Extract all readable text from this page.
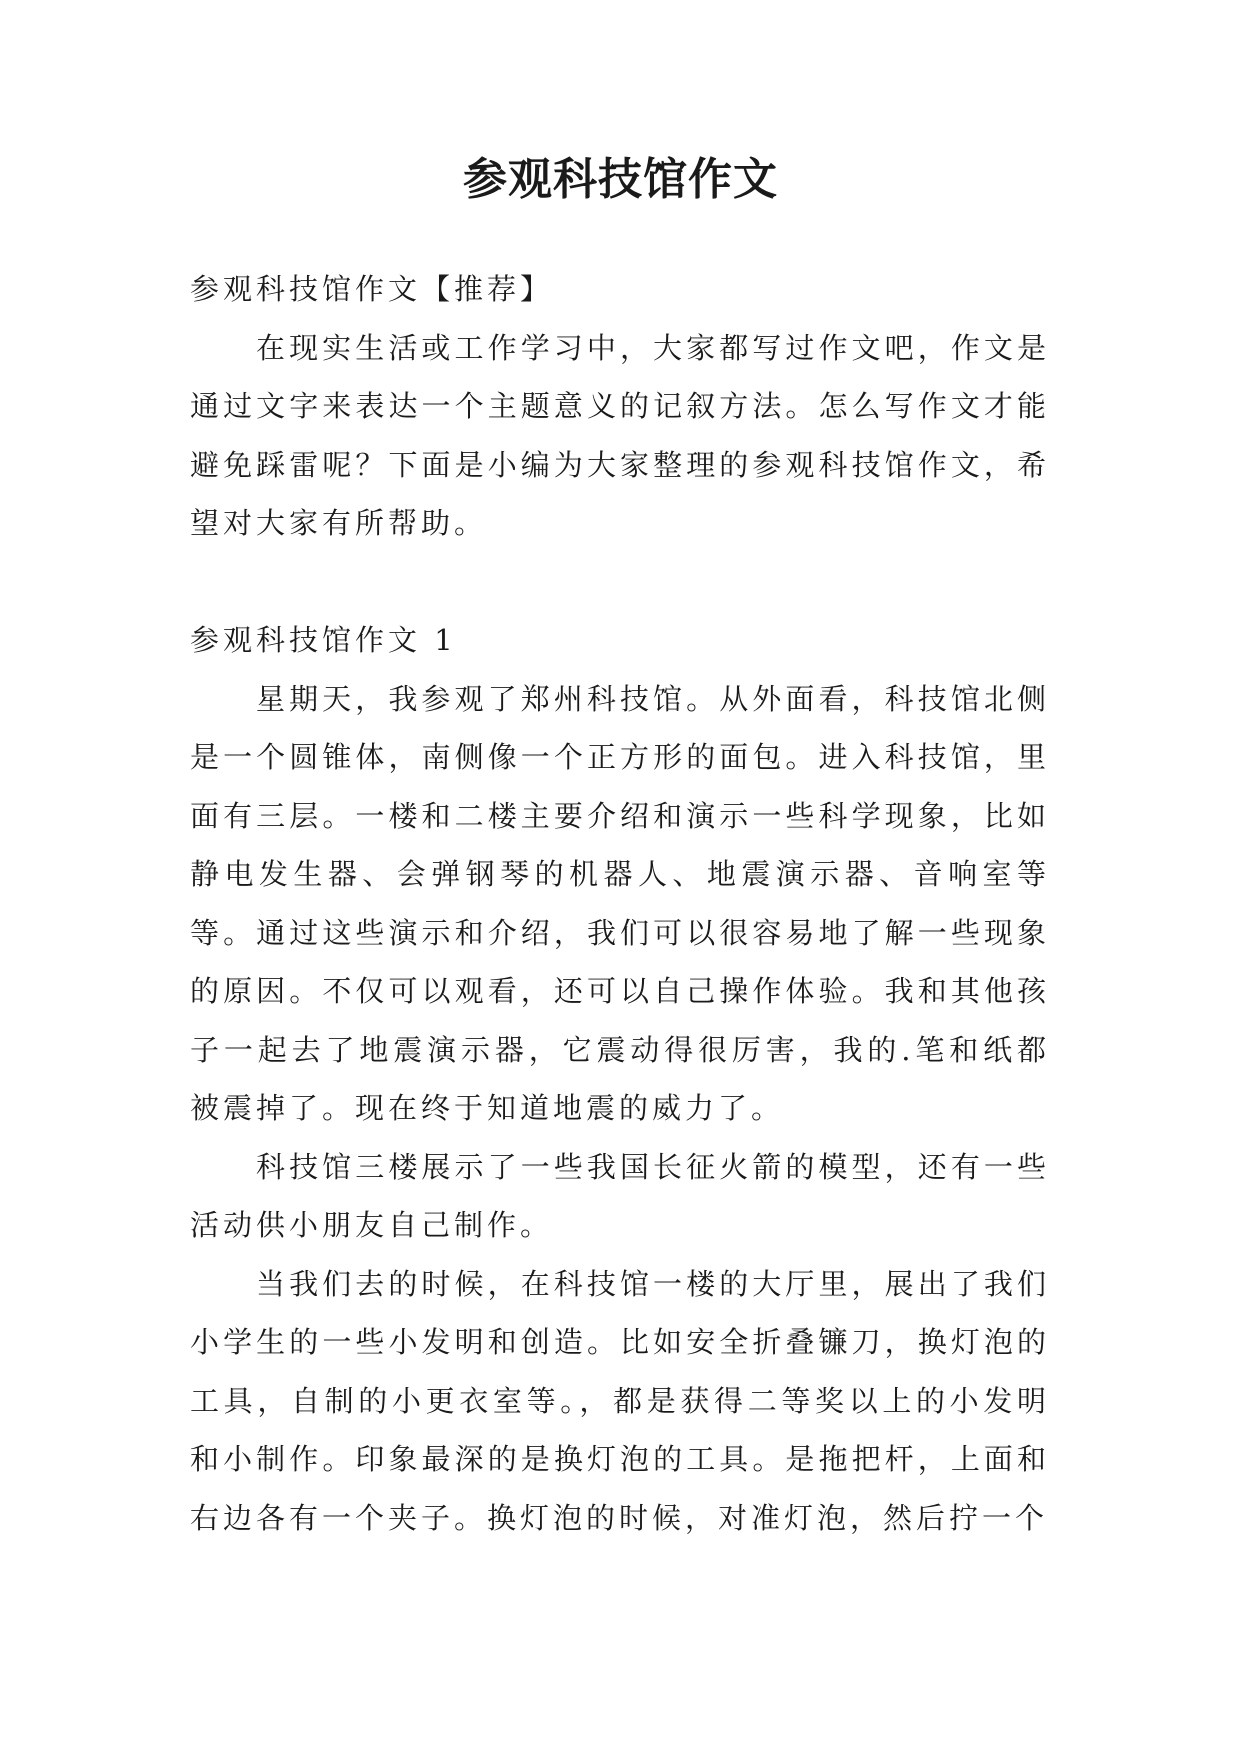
参观科技馆作文

参观科技馆作文【推荐】

在现实生活或工作学习中，大家都写过作文吧，作文是通过文字来表达一个主题意义的记叙方法。怎么写作文才能避免踩雷呢？下面是小编为大家整理的参观科技馆作文，希望对大家有所帮助。

参观科技馆作文 1

星期天，我参观了郑州科技馆。从外面看，科技馆北侧是一个圆锥体，南侧像一个正方形的面包。进入科技馆，里面有三层。一楼和二楼主要介绍和演示一些科学现象，比如静电发生器、会弹钢琴的机器人、地震演示器、音响室等等。通过这些演示和介绍，我们可以很容易地了解一些现象的原因。不仅可以观看，还可以自己操作体验。我和其他孩子一起去了地震演示器，它震动得很厉害，我的.笔和纸都被震掉了。现在终于知道地震的威力了。

科技馆三楼展示了一些我国长征火箭的模型，还有一些活动供小朋友自己制作。

当我们去的时候，在科技馆一楼的大厅里，展出了我们小学生的一些小发明和创造。比如安全折叠镰刀，换灯泡的工具，自制的小更衣室等。，都是获得二等奖以上的小发明和小制作。印象最深的是换灯泡的工具。是拖把杆，上面和右边各有一个夹子。换灯泡的时候，对准灯泡，然后拧一个
